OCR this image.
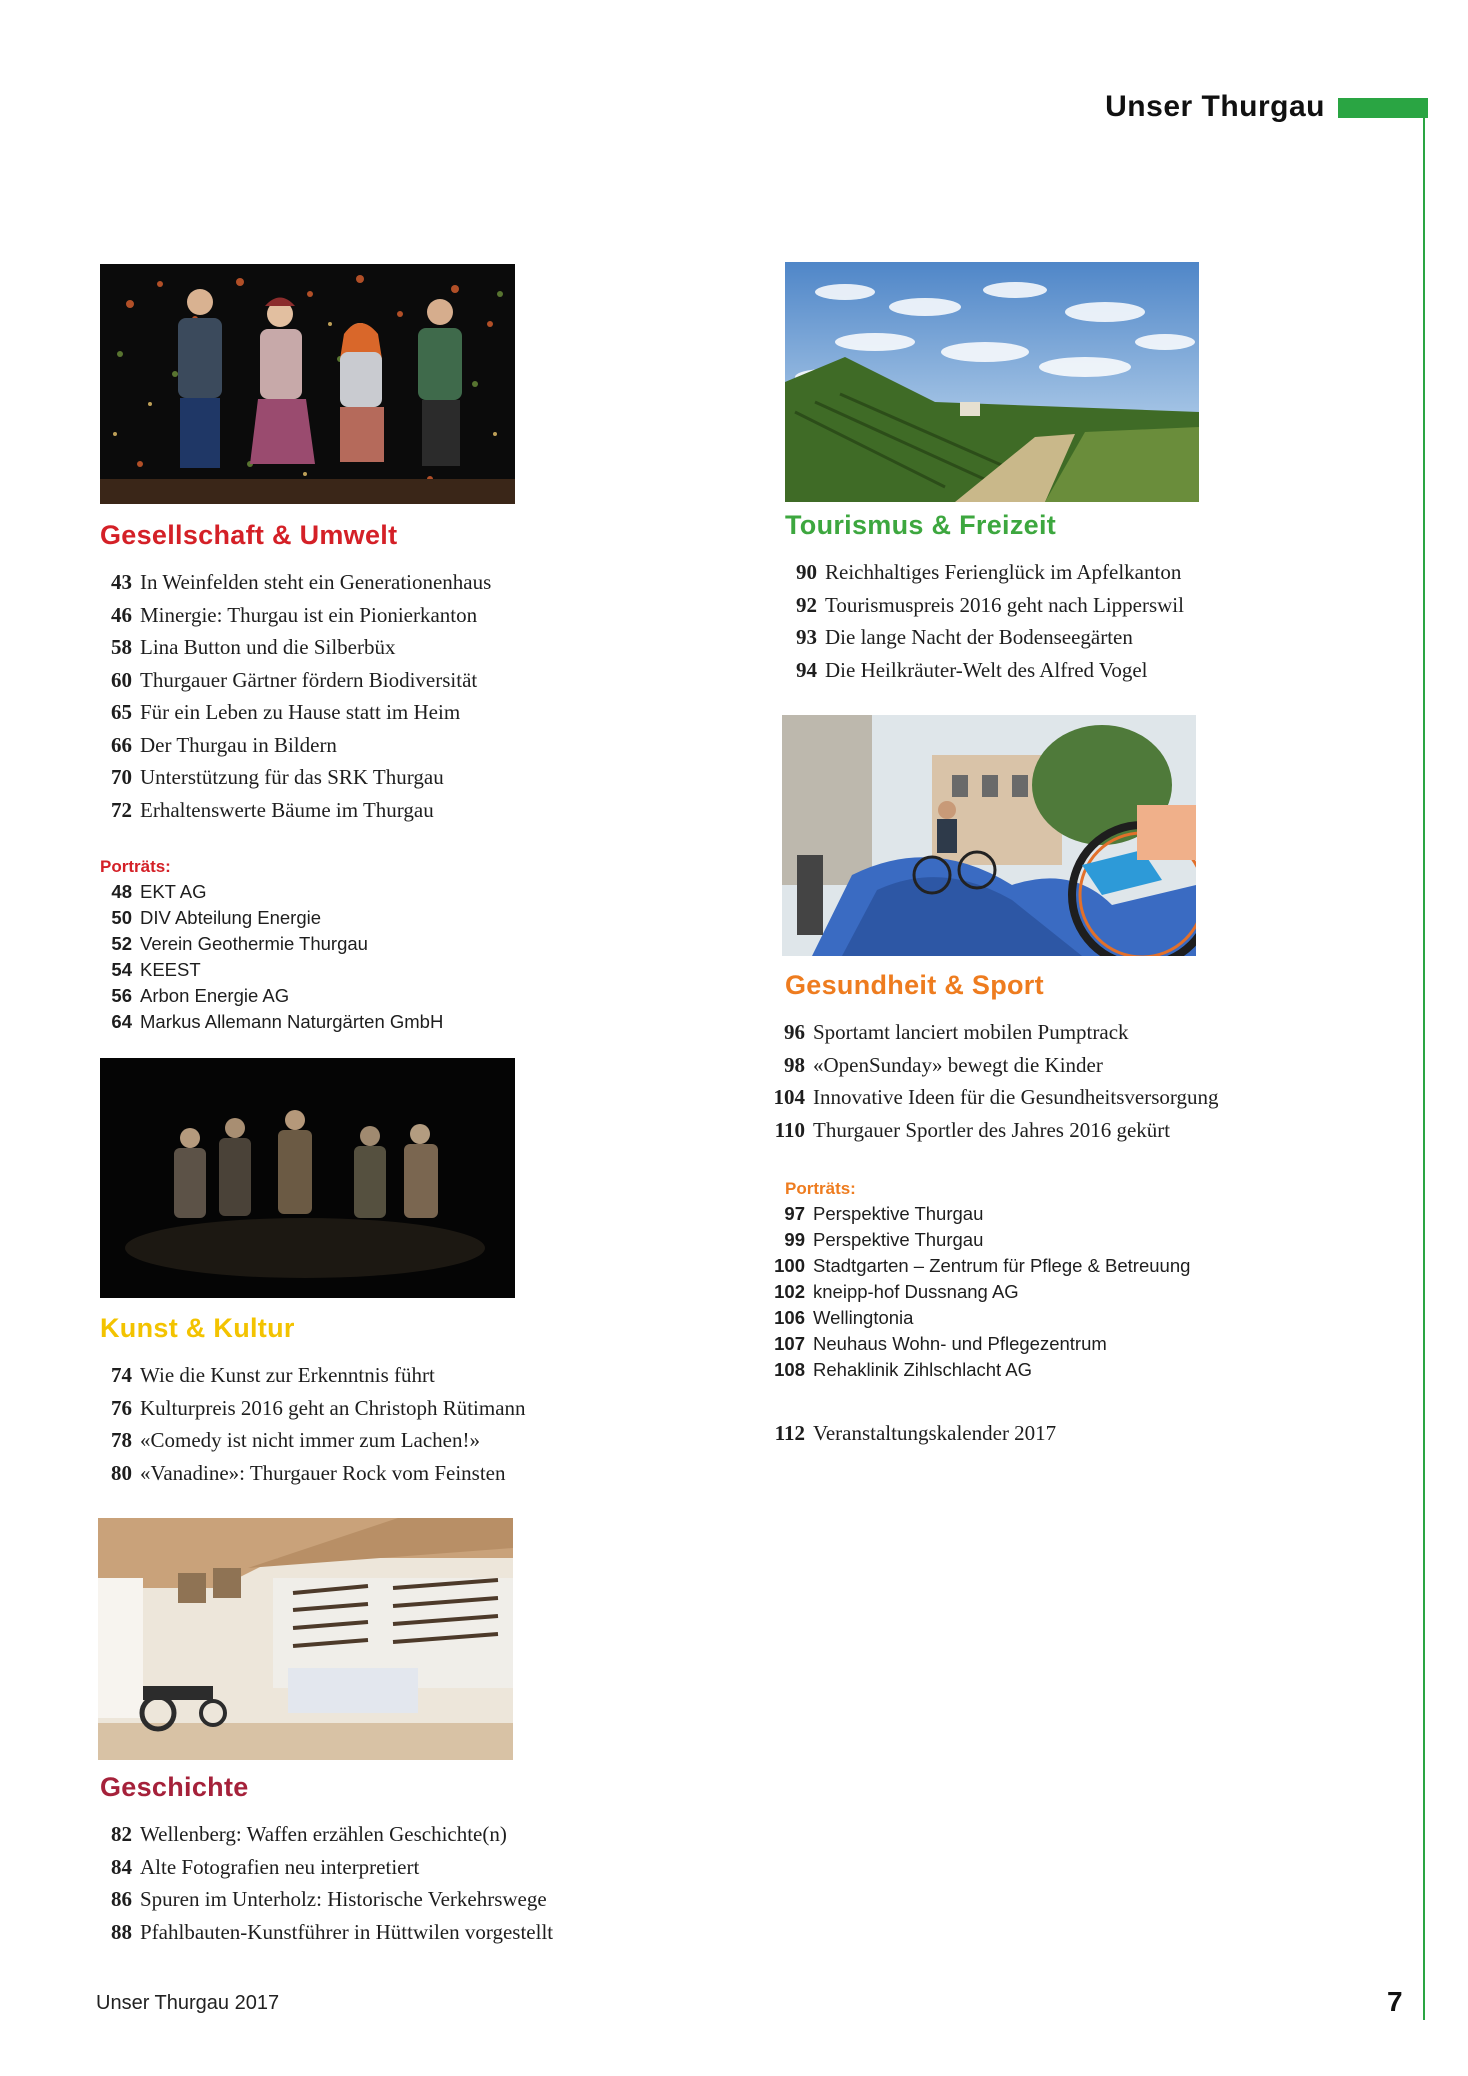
Unser Thurgau
Gesellschaft & Umwelt
43 In Weinfelden steht ein Generationenhaus
46 Minergie: Thurgau ist ein Pionierkanton
58 Lina Button und die Silberbüx
60 Thurgauer Gärtner fördern Biodiversität
65 Für ein Leben zu Hause statt im Heim
66 Der Thurgau in Bildern
70 Unterstützung für das SRK Thurgau
72 Erhaltenswerte Bäume im Thurgau
Porträts:
48 EKT AG
50 DIV Abteilung Energie
52 Verein Geothermie Thurgau
54 KEEST
56 Arbon Energie AG
64 Markus Allemann Naturgärten GmbH
Kunst & Kultur
74 Wie die Kunst zur Erkenntnis führt
76 Kulturpreis 2016 geht an Christoph Rütimann
78 «Comedy ist nicht immer zum Lachen!»
80 «Vanadine»: Thurgauer Rock vom Feinsten
Geschichte
82 Wellenberg: Waffen erzählen Geschichte(n)
84 Alte Fotografien neu interpretiert
86 Spuren im Unterholz: Historische Verkehrswege
88 Pfahlbauten-Kunstführer in Hüttwilen vorgestellt
Tourismus & Freizeit
90 Reichhaltiges Ferienglück im Apfelkanton
92 Tourismuspreis 2016 geht nach Lipperswil
93 Die lange Nacht der Bodenseegärten
94 Die Heilkräuter-Welt des Alfred Vogel
Gesundheit & Sport
96 Sportamt lanciert mobilen Pumptrack
98 «OpenSunday» bewegt die Kinder
104 Innovative Ideen für die Gesundheitsversorgung
110 Thurgauer Sportler des Jahres 2016 gekürt
Porträts:
97 Perspektive Thurgau
99 Perspektive Thurgau
100 Stadtgarten – Zentrum für Pflege & Betreuung
102 kneipp-hof Dussnang AG
106 Wellingtonia
107 Neuhaus Wohn- und Pflegezentrum
108 Rehaklinik Zihlschlacht AG
112 Veranstaltungskalender 2017
Unser Thurgau 2017	7
